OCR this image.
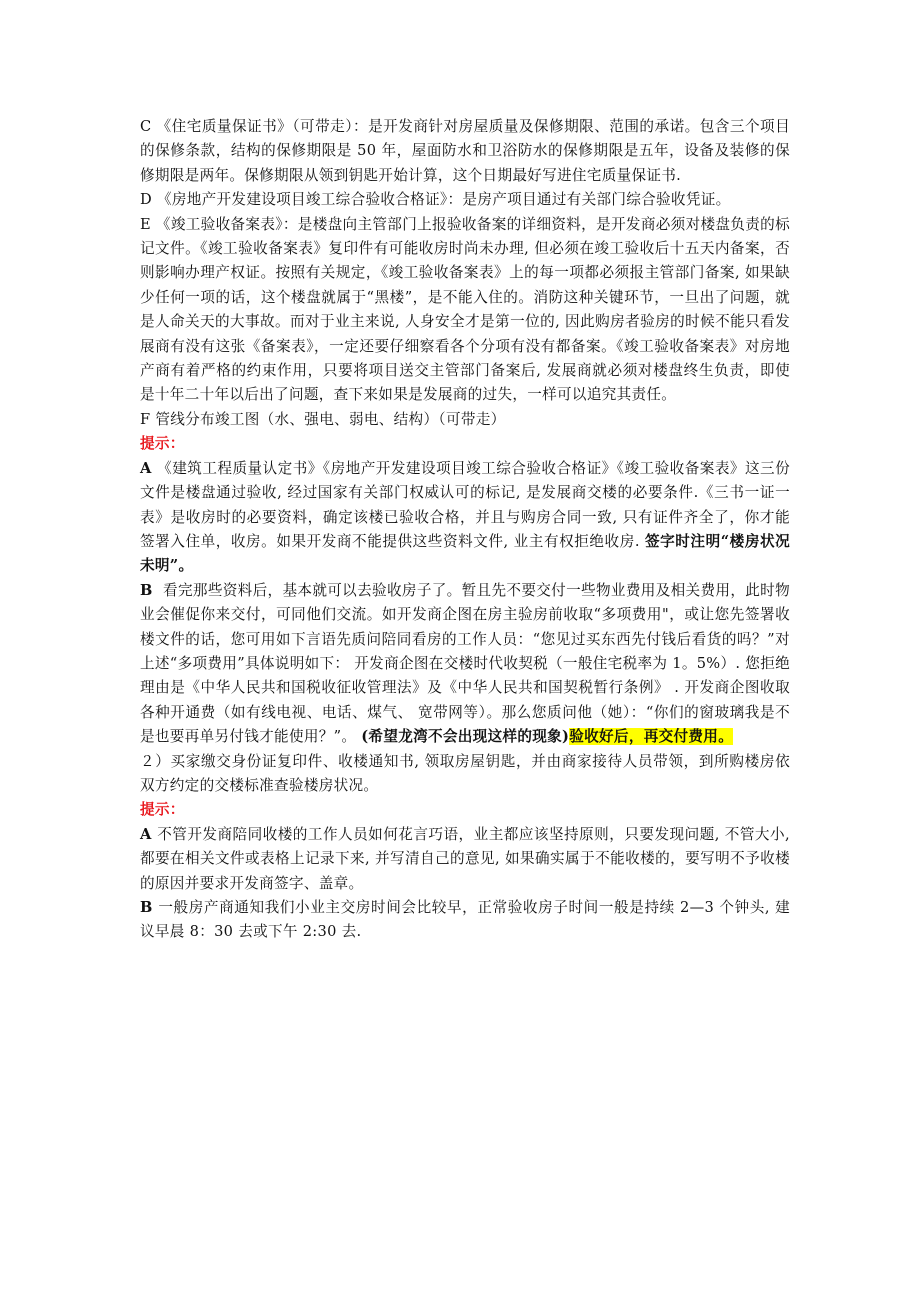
C 《住宅质量保证书》（可带走）：是开发商针对房屋质量及保修期限、范围的承诺。包含三个项目的保修条款，结构的保修期限是 50 年，屋面防水和卫浴防水的保修期限是五年，设备及装修的保修期限是两年。保修期限从领到钥匙开始计算，这个日期最好写进住宅质量保证书.

D 《房地产开发建设项目竣工综合验收合格证》：是房产项目通过有关部门综合验收凭证。

E 《竣工验收备案表》：是楼盘向主管部门上报验收备案的详细资料，是开发商必须对楼盘负责的标记文件。《竣工验收备案表》复印件有可能收房时尚未办理, 但必须在竣工验收后十五天内备案，否则影响办理产权证。按照有关规定，《竣工验收备案表》上的每一项都必须报主管部门备案, 如果缺少任何一项的话，这个楼盘就属于“黑楼”，是不能入住的。消防这种关键环节，一旦出了问题，就是人命关天的大事故。而对于业主来说, 人身安全才是第一位的, 因此购房者验房的时候不能只看发展商有没有这张《备案表》，一定还要仔细察看各个分项有没有都备案。《竣工验收备案表》对房地产商有着严格的约束作用，只要将项目送交主管部门备案后, 发展商就必须对楼盘终生负责，即使是十年二十年以后出了问题，查下来如果是发展商的过失，一样可以追究其责任。

F 管线分布竣工图（水、强电、弱电、结构）（可带走）

提示：

A 《建筑工程质量认定书》《房地产开发建设项目竣工综合验收合格证》《竣工验收备案表》这三份文件是楼盘通过验收, 经过国家有关部门权威认可的标记, 是发展商交楼的必要条件.《三书一证一表》是收房时的必要资料，确定该楼已验收合格，并且与购房合同一致, 只有证件齐全了，你才能签署入住单，收房。如果开发商不能提供这些资料文件, 业主有权拒绝收房. 签字时注明“楼房状况未明”。

B  看完那些资料后，基本就可以去验收房子了。暂且先不要交付一些物业费用及相关费用，此时物业会催促你来交付，可同他们交流。如开发商企图在房主验房前收取“多项费用"，或让您先签署收楼文件的话，您可用如下言语先质问陪同看房的工作人员：“您见过买东西先付钱后看货的吗？”对上述“多项费用”具体说明如下： 开发商企图在交楼时代收契税（一般住宅税率为 1。5%）. 您拒绝理由是《中华人民共和国税收征收管理法》及《中华人民共和国契税暂行条例》 . 开发商企图收取各种开通费（如有线电视、电话、煤气、 宽带网等）。那么您质问他（她）：“你们的窗玻璃我是不是也要再单另付钱才能使用？”。 (希望龙湾不会出现这样的现象)验收好后，再交付费用。

２）买家缴交身份证复印件、收楼通知书, 领取房屋钥匙，并由商家接待人员带领，到所购楼房依双方约定的交楼标准查验楼房状况。

提示：

A 不管开发商陪同收楼的工作人员如何花言巧语，业主都应该坚持原则，只要发现问题, 不管大小, 都要在相关文件或表格上记录下来, 并写清自己的意见, 如果确实属于不能收楼的，要写明不予收楼的原因并要求开发商签字、盖章。

B 一般房产商通知我们小业主交房时间会比较早，正常验收房子时间一般是持续 2—3 个钟头, 建议早晨 8：30 去或下午 2:30 去.
